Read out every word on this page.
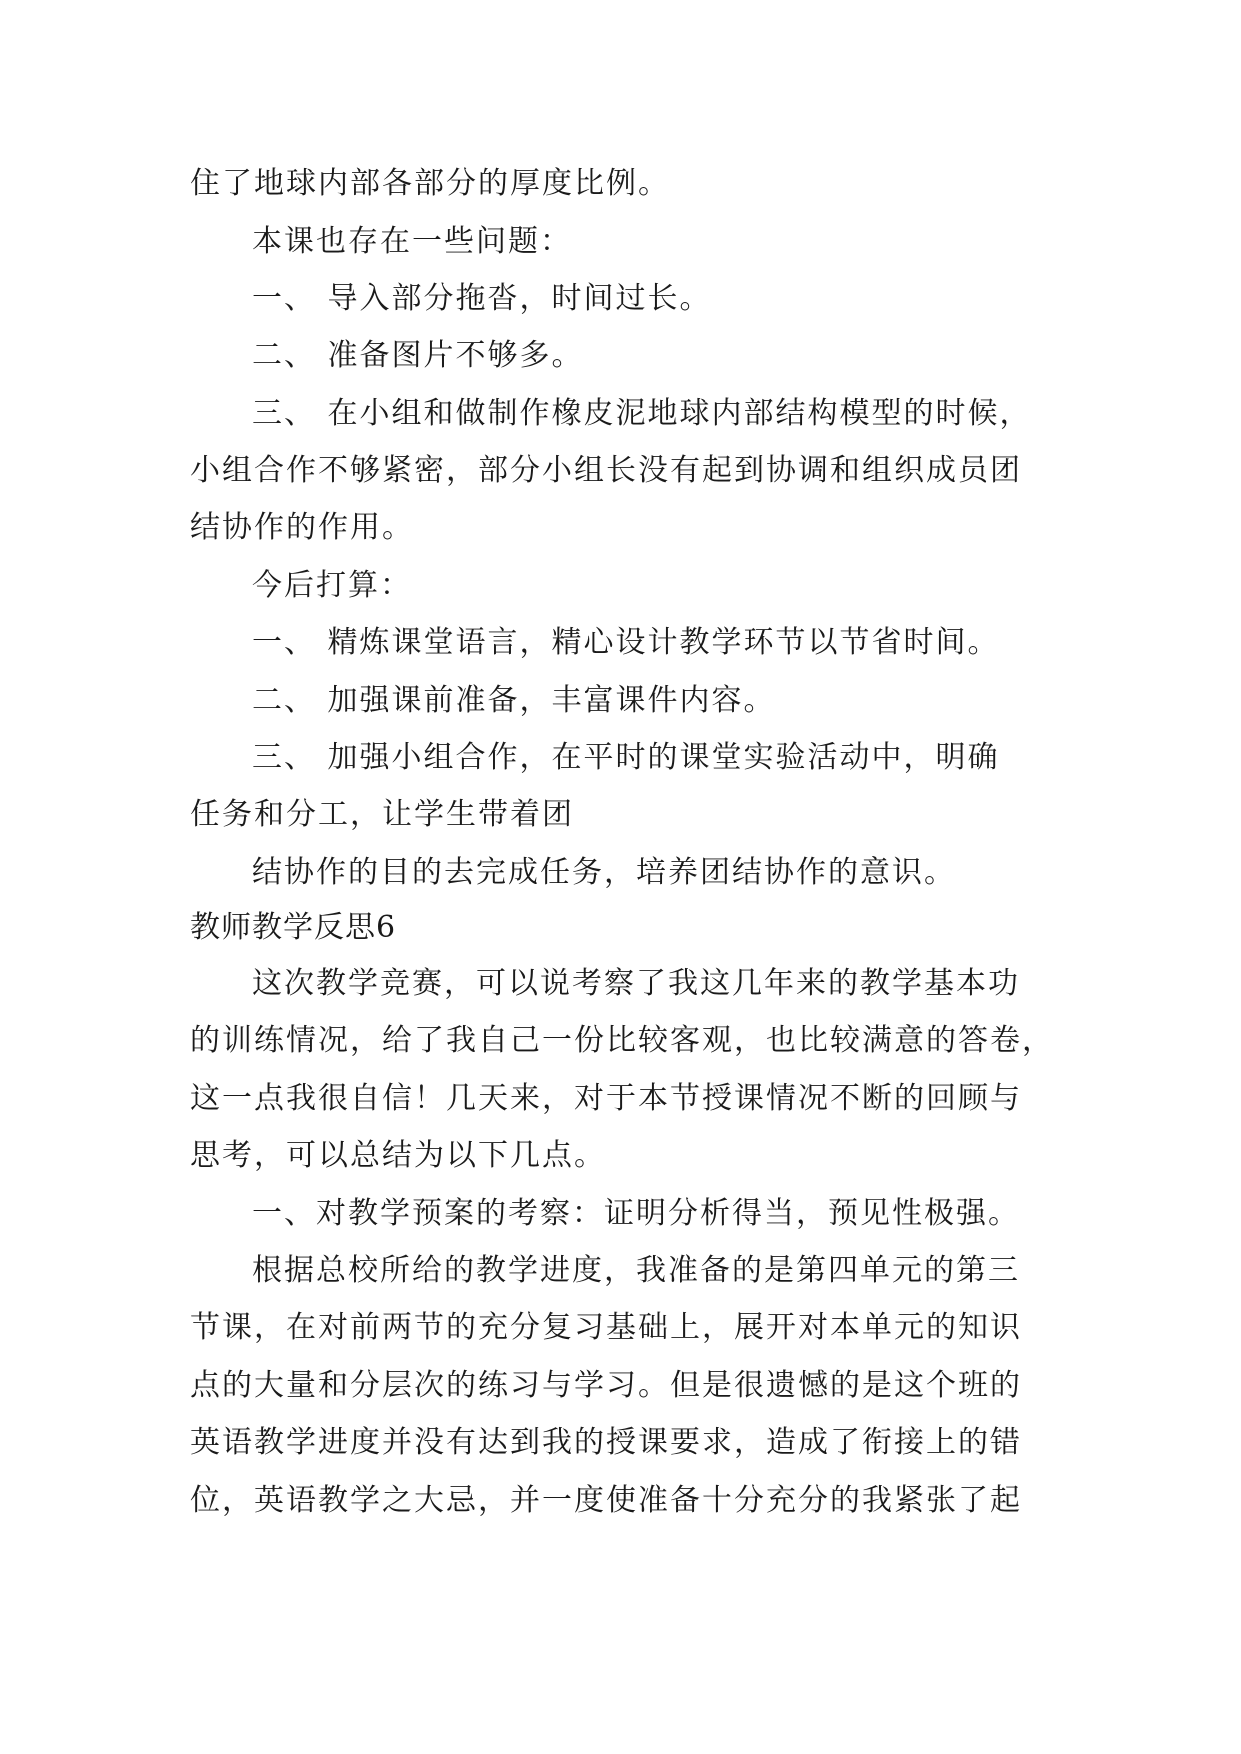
住了地球内部各部分的厚度比例。
本课也存在一些问题：
一、 导入部分拖沓，时间过长。
二、 准备图片不够多。
三、 在小组和做制作橡皮泥地球内部结构模型的时候，
小组合作不够紧密，部分小组长没有起到协调和组织成员团
结协作的作用。
今后打算：
一、 精炼课堂语言，精心设计教学环节以节省时间。
二、 加强课前准备，丰富课件内容。
三、 加强小组合作，在平时的课堂实验活动中，明确
任务和分工，让学生带着团
结协作的目的去完成任务，培养团结协作的意识。
教师教学反思6
这次教学竞赛，可以说考察了我这几年来的教学基本功
的训练情况，给了我自己一份比较客观，也比较满意的答卷，
这一点我很自信！几天来，对于本节授课情况不断的回顾与
思考，可以总结为以下几点。
一、对教学预案的考察：证明分析得当，预见性极强。
根据总校所给的教学进度，我准备的是第四单元的第三
节课，在对前两节的充分复习基础上，展开对本单元的知识
点的大量和分层次的练习与学习。但是很遗憾的是这个班的
英语教学进度并没有达到我的授课要求，造成了衔接上的错
位，英语教学之大忌，并一度使准备十分充分的我紧张了起
